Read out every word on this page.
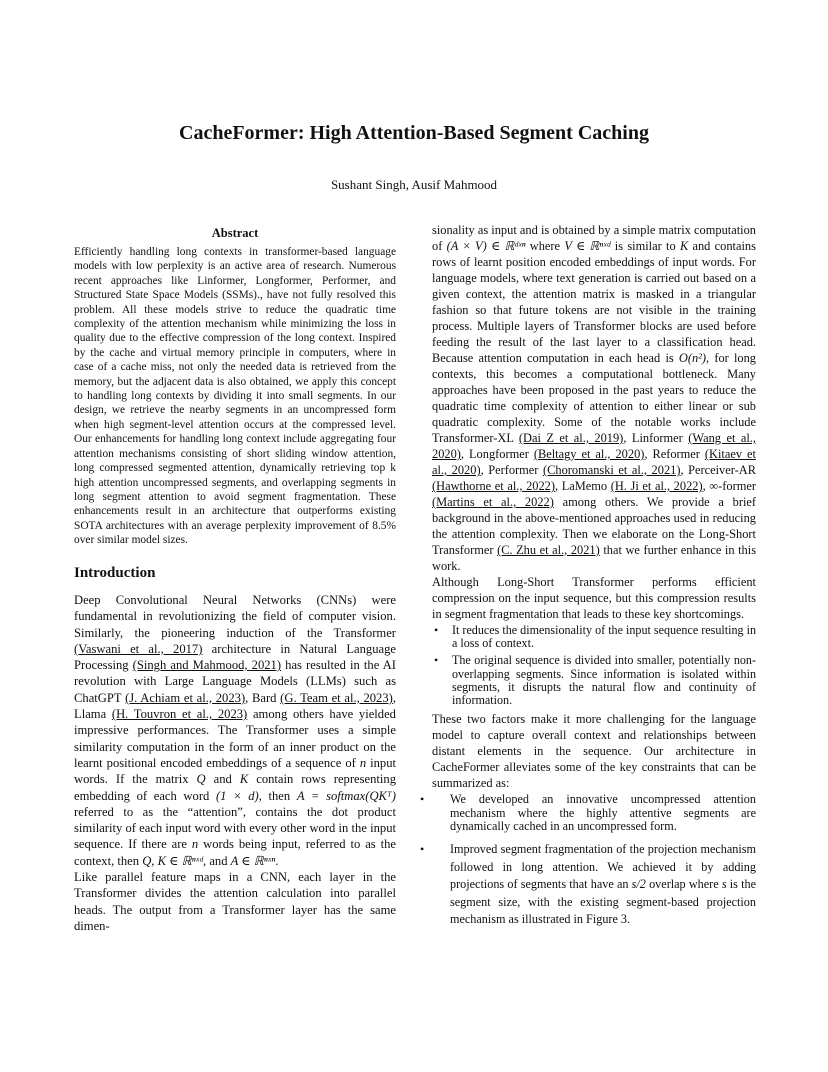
CacheFormer: High Attention-Based Segment Caching
Sushant Singh, Ausif Mahmood
Abstract

Efficiently handling long contexts in transformer-based language models with low perplexity is an active area of research. Numerous recent approaches like Linformer, Longformer, Performer, and Structured State Space Models (SSMs)., have not fully resolved this problem. All these models strive to reduce the quadratic time complexity of the attention mechanism while minimizing the loss in quality due to the effective compression of the long context. Inspired by the cache and virtual memory principle in computers, where in case of a cache miss, not only the needed data is retrieved from the memory, but the adjacent data is also obtained, we apply this concept to handling long contexts by dividing it into small segments. In our design, we retrieve the nearby segments in an uncompressed form when high segment-level attention occurs at the compressed level. Our enhancements for handling long context include aggregating four attention mechanisms consisting of short sliding window attention, long compressed segmented attention, dynamically retrieving top k high attention uncompressed segments, and overlapping segments in long segment attention to avoid segment fragmentation. These enhancements result in an architecture that outperforms existing SOTA architectures with an average perplexity improvement of 8.5% over similar model sizes.

Introduction

Deep Convolutional Neural Networks (CNNs) were fundamental in revolutionizing the field of computer vision. Similarly, the pioneering induction of the Transformer (Vaswani et al., 2017) architecture in Natural Language Processing (Singh and Mahmood, 2021) has resulted in the AI revolution with Large Language Models (LLMs) such as ChatGPT (J. Achiam et al., 2023), Bard (G. Team et al., 2023), Llama (H. Touvron et al., 2023) among others have yielded impressive performances. The Transformer uses a simple similarity computation in the form of an inner product on the learnt positional encoded embeddings of a sequence of n input words. If the matrix Q and K contain rows representing embedding of each word (1 × d), then A = softmax(QKᵀ) referred to as the “attention”, contains the dot product similarity of each input word with every other word in the input sequence. If there are n words being input, referred to as the context, then Q, K ∈ ℝⁿˣᵈ, and A ∈ ℝⁿˣⁿ.

Like parallel feature maps in a CNN, each layer in the Transformer divides the attention calculation into parallel heads. The output from a Transformer layer has the same dimen-

sionality as input and is obtained by a simple matrix computation of (A × V) ∈ ℝᵈˣⁿ where V ∈ ℝⁿˣᵈ is similar to K and contains rows of learnt position encoded embeddings of input words. For language models, where text generation is carried out based on a given context, the attention matrix is masked in a triangular fashion so that future tokens are not visible in the training process. Multiple layers of Transformer blocks are used before feeding the result of the last layer to a classification head. Because attention computation in each head is O(n²), for long contexts, this becomes a computational bottleneck. Many approaches have been proposed in the past years to reduce the quadratic time complexity of attention to either linear or sub quadratic complexity. Some of the notable works include Transformer-XL (Dai Z et al., 2019), Linformer (Wang et al., 2020), Longformer (Beltagy et al., 2020), Reformer (Kitaev et al., 2020), Performer (Choromanski et al., 2021), Perceiver-AR (Hawthorne et al., 2022), LaMemo (H. Ji et al., 2022), ∞-former (Martins et al., 2022) among others. We provide a brief background in the above-mentioned approaches used in reducing the attention complexity. Then we elaborate on the Long-Short Transformer (C. Zhu et al., 2021) that we further enhance in this work.

Although Long-Short Transformer performs efficient compression on the input sequence, but this compression results in segment fragmentation that leads to these key shortcomings.

• It reduces the dimensionality of the input sequence resulting in a loss of context.
• The original sequence is divided into smaller, potentially non-overlapping segments. Since information is isolated within segments, it disrupts the natural flow and continuity of information.

These two factors make it more challenging for the language model to capture overall context and relationships between distant elements in the sequence. Our architecture in CacheFormer alleviates some of the key constraints that can be summarized as:

• We developed an innovative uncompressed attention mechanism where the highly attentive segments are dynamically cached in an uncompressed form.
• Improved segment fragmentation of the projection mechanism followed in long attention. We achieved it by adding projections of segments that have an s/2 overlap where s is the segment size, with the existing segment-based projection mechanism as illustrated in Figure 3.
